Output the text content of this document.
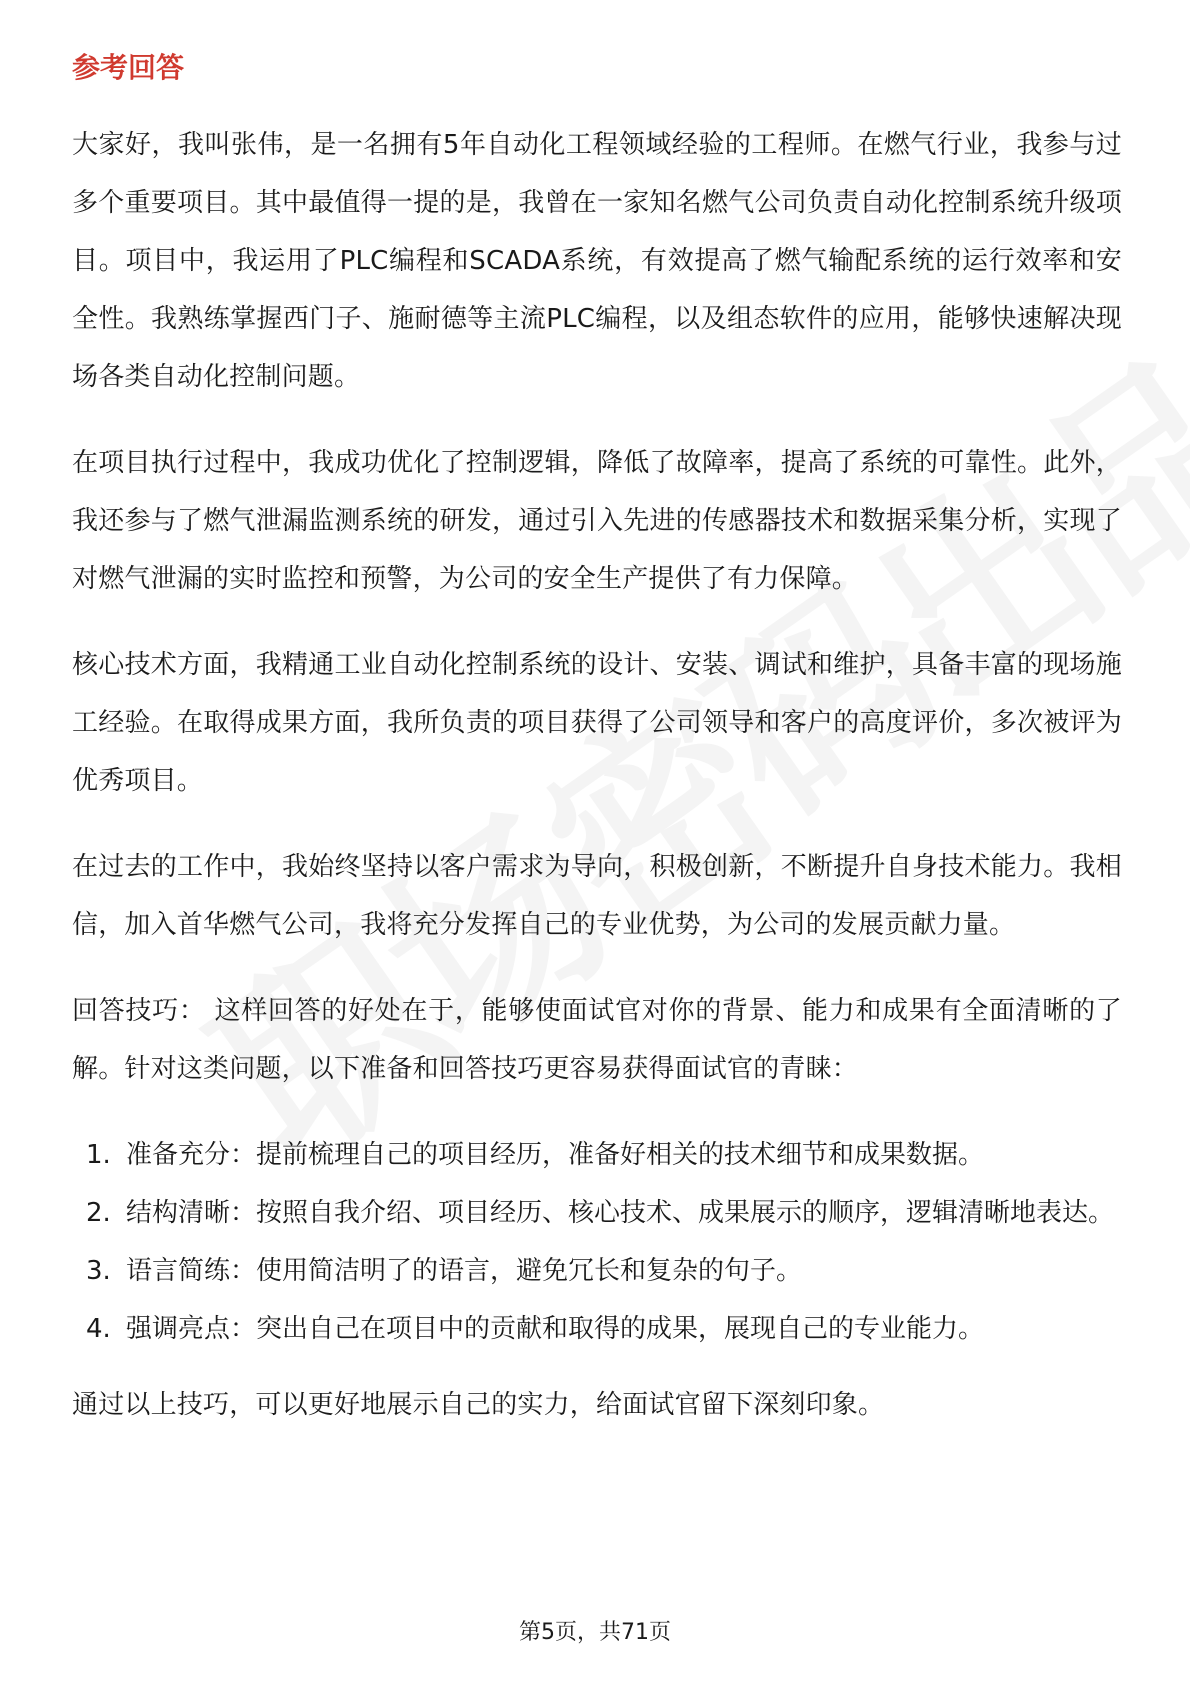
参考回答

大家好，我叫张伟，是一名拥有5年自动化工程领域经验的工程师。在燃气行业，我参与过多个重要项目。其中最值得一提的是，我曾在一家知名燃气公司负责自动化控制系统升级项目。项目中，我运用了PLC编程和SCADA系统，有效提高了燃气输配系统的运行效率和安全性。我熟练掌握西门子、施耐德等主流PLC编程，以及组态软件的应用，能够快速解决现场各类自动化控制问题。

在项目执行过程中，我成功优化了控制逻辑，降低了故障率，提高了系统的可靠性。此外，我还参与了燃气泄漏监测系统的研发，通过引入先进的传感器技术和数据采集分析，实现了对燃气泄漏的实时监控和预警，为公司的安全生产提供了有力保障。

核心技术方面，我精通工业自动化控制系统的设计、安装、调试和维护，具备丰富的现场施工经验。在取得成果方面，我所负责的项目获得了公司领导和客户的高度评价，多次被评为优秀项目。

在过去的工作中，我始终坚持以客户需求为导向，积极创新，不断提升自身技术能力。我相信，加入首华燃气公司，我将充分发挥自己的专业优势，为公司的发展贡献力量。

回答技巧： 这样回答的好处在于，能够使面试官对你的背景、能力和成果有全面清晰的了解。针对这类问题，以下准备和回答技巧更容易获得面试官的青睐：

1. 准备充分：提前梳理自己的项目经历，准备好相关的技术细节和成果数据。
2. 结构清晰：按照自我介绍、项目经历、核心技术、成果展示的顺序，逻辑清晰地表达。
3. 语言简练：使用简洁明了的语言，避免冗长和复杂的句子。
4. 强调亮点：突出自己在项目中的贡献和取得的成果，展现自己的专业能力。

通过以上技巧，可以更好地展示自己的实力，给面试官留下深刻印象。

第5页，共71页
